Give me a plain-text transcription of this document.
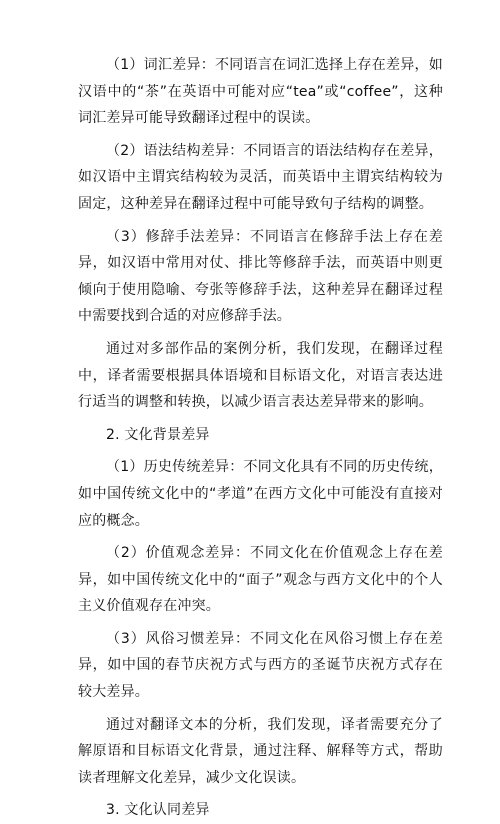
（1）词汇差异：不同语言在词汇选择上存在差异，如汉语中的“茶”在英语中可能对应“tea”或“coffee”，这种词汇差异可能导致翻译过程中的误读。

（2）语法结构差异：不同语言的语法结构存在差异，如汉语中主谓宾结构较为灵活，而英语中主谓宾结构较为固定，这种差异在翻译过程中可能导致句子结构的调整。

（3）修辞手法差异：不同语言在修辞手法上存在差异，如汉语中常用对仗、排比等修辞手法，而英语中则更倾向于使用隐喻、夸张等修辞手法，这种差异在翻译过程中需要找到合适的对应修辞手法。

通过对多部作品的案例分析，我们发现，在翻译过程中，译者需要根据具体语境和目标语文化，对语言表达进行适当的调整和转换，以减少语言表达差异带来的影响。

2. 文化背景差异

（1）历史传统差异：不同文化具有不同的历史传统，如中国传统文化中的“孝道”在西方文化中可能没有直接对应的概念。

（2）价值观念差异：不同文化在价值观念上存在差异，如中国传统文化中的“面子”观念与西方文化中的个人主义价值观存在冲突。

（3）风俗习惯差异：不同文化在风俗习惯上存在差异，如中国的春节庆祝方式与西方的圣诞节庆祝方式存在较大差异。

通过对翻译文本的分析，我们发现，译者需要充分了解原语和目标语文化背景，通过注释、解释等方式，帮助读者理解文化差异，减少文化误读。

3. 文化认同差异
